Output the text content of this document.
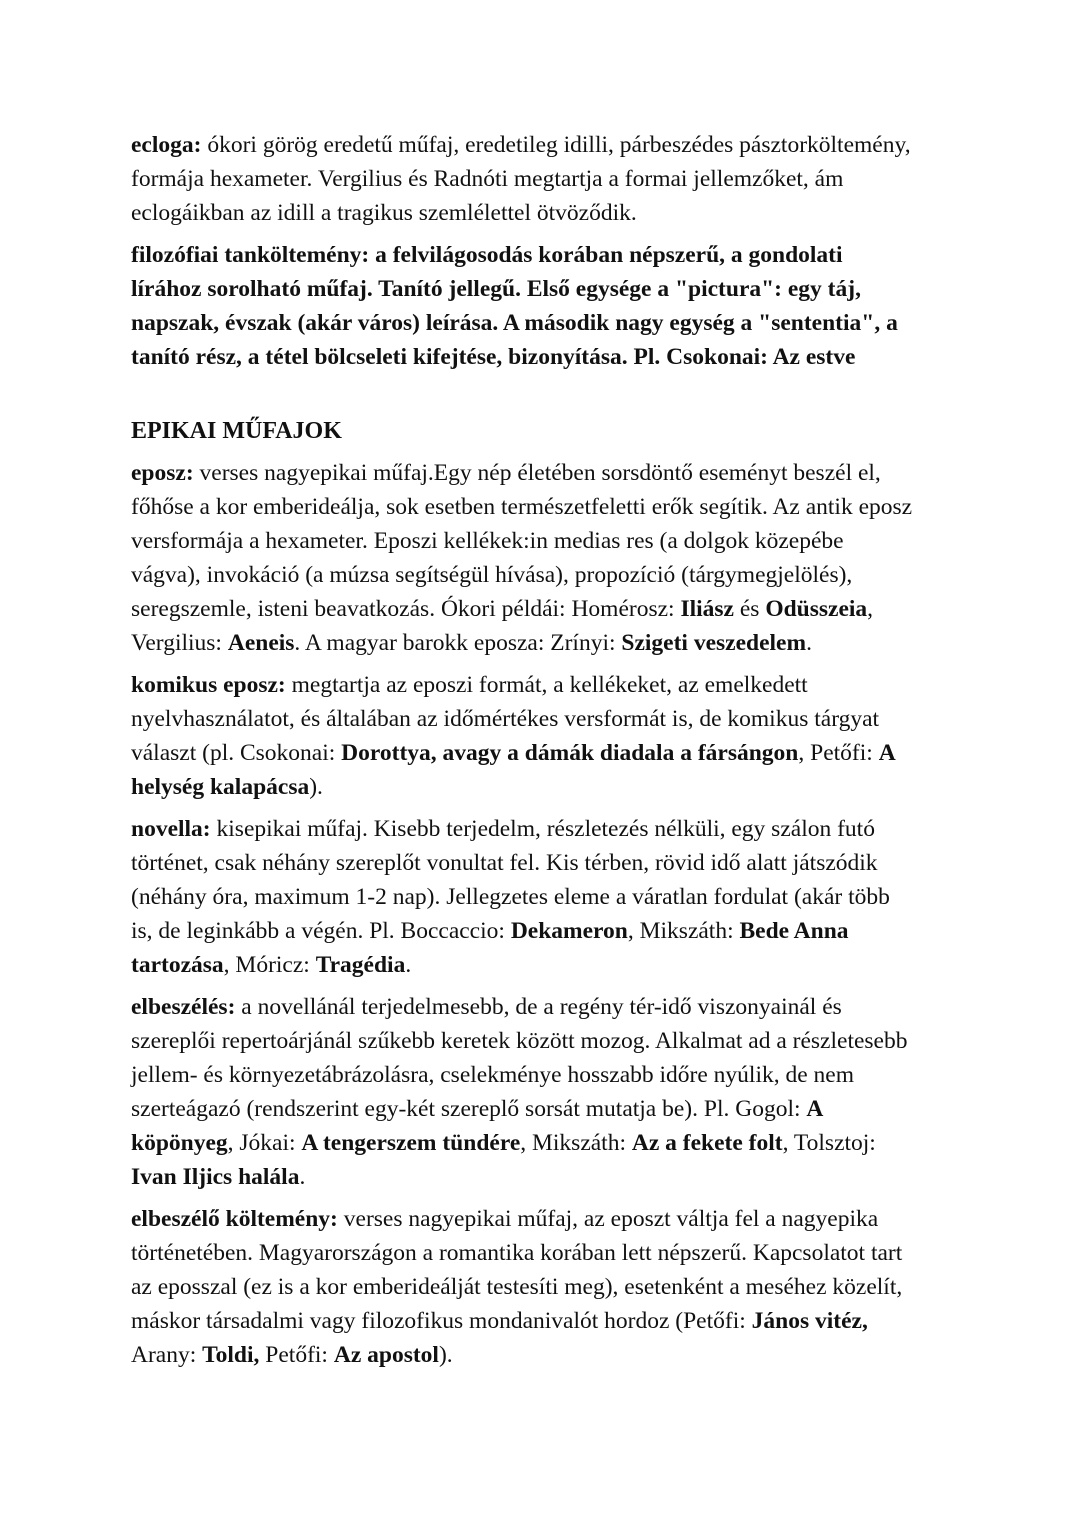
ecloga: ókori görög eredetű műfaj, eredetileg idilli, párbeszédes pásztorköltemény,
formája hexameter. Vergilius és Radnóti megtartja a formai jellemzőket, ám
eclogáikban az idill a tragikus szemlélettel ötvöződik.

filozófiai tanköltemény: a felvilágosodás korában népszerű, a gondolati
lírához sorolható műfaj. Tanító jellegű. Első egysége a "pictura": egy táj,
napszak, évszak (akár város) leírása. A második nagy egység a "sententia", a
tanító rész, a tétel bölcseleti kifejtése, bizonyítása. Pl. Csokonai: Az estve

EPIKAI MŰFAJOK

eposz: verses nagyepikai műfaj.Egy nép életében sorsdöntő eseményt beszél el,
főhőse a kor emberideálja, sok esetben természetfeletti erők segítik. Az antik eposz
versformája a hexameter. Eposzi kellékek:in medias res (a dolgok közepébe
vágva), invokáció (a múzsa segítségül hívása), propozíció (tárgymegjelölés),
seregszemle, isteni beavatkozás. Ókori példái: Homérosz: Iliász és Odüsszeia,
Vergilius: Aeneis. A magyar barokk eposza: Zrínyi: Szigeti veszedelem.

komikus eposz: megtartja az eposzi formát, a kellékeket, az emelkedett
nyelvhasználatot, és általában az időmértékes versformát is, de komikus tárgyat
választ (pl. Csokonai: Dorottya, avagy a dámák diadala a fársángon, Petőfi: A
helység kalapácsa).

novella: kisepikai műfaj. Kisebb terjedelm, részletezés nélküli, egy szálon futó
történet, csak néhány szereplőt vonultat fel. Kis térben, rövid idő alatt játszódik
(néhány óra, maximum 1-2 nap). Jellegzetes eleme a váratlan fordulat (akár több
is, de leginkább a végén. Pl. Boccaccio: Dekameron, Mikszáth: Bede Anna
tartozása, Móricz: Tragédia.

elbeszélés: a novellánál terjedelmesebb, de a regény tér-idő viszonyainál és
szereplői repertoárjánál szűkebb keretek között mozog. Alkalmat ad a részletesebb
jellem- és környezetábrázolásra, cselekménye hosszabb időre nyúlik, de nem
szerteágazó (rendszerint egy-két szereplő sorsát mutatja be). Pl. Gogol: A
köpönyeg, Jókai: A tengerszem tündére, Mikszáth: Az a fekete folt, Tolsztoj:
Ivan Iljics halála.

elbeszélő költemény: verses nagyepikai műfaj, az eposzt váltja fel a nagyepika
történetében. Magyarországon a romantika korában lett népszerű. Kapcsolatot tart
az eposszal (ez is a kor emberideálját testesíti meg), esetenként a meséhez közelít,
máskor társadalmi vagy filozofikus mondanivalót hordoz (Petőfi: János vitéz,
Arany: Toldi, Petőfi: Az apostol).
